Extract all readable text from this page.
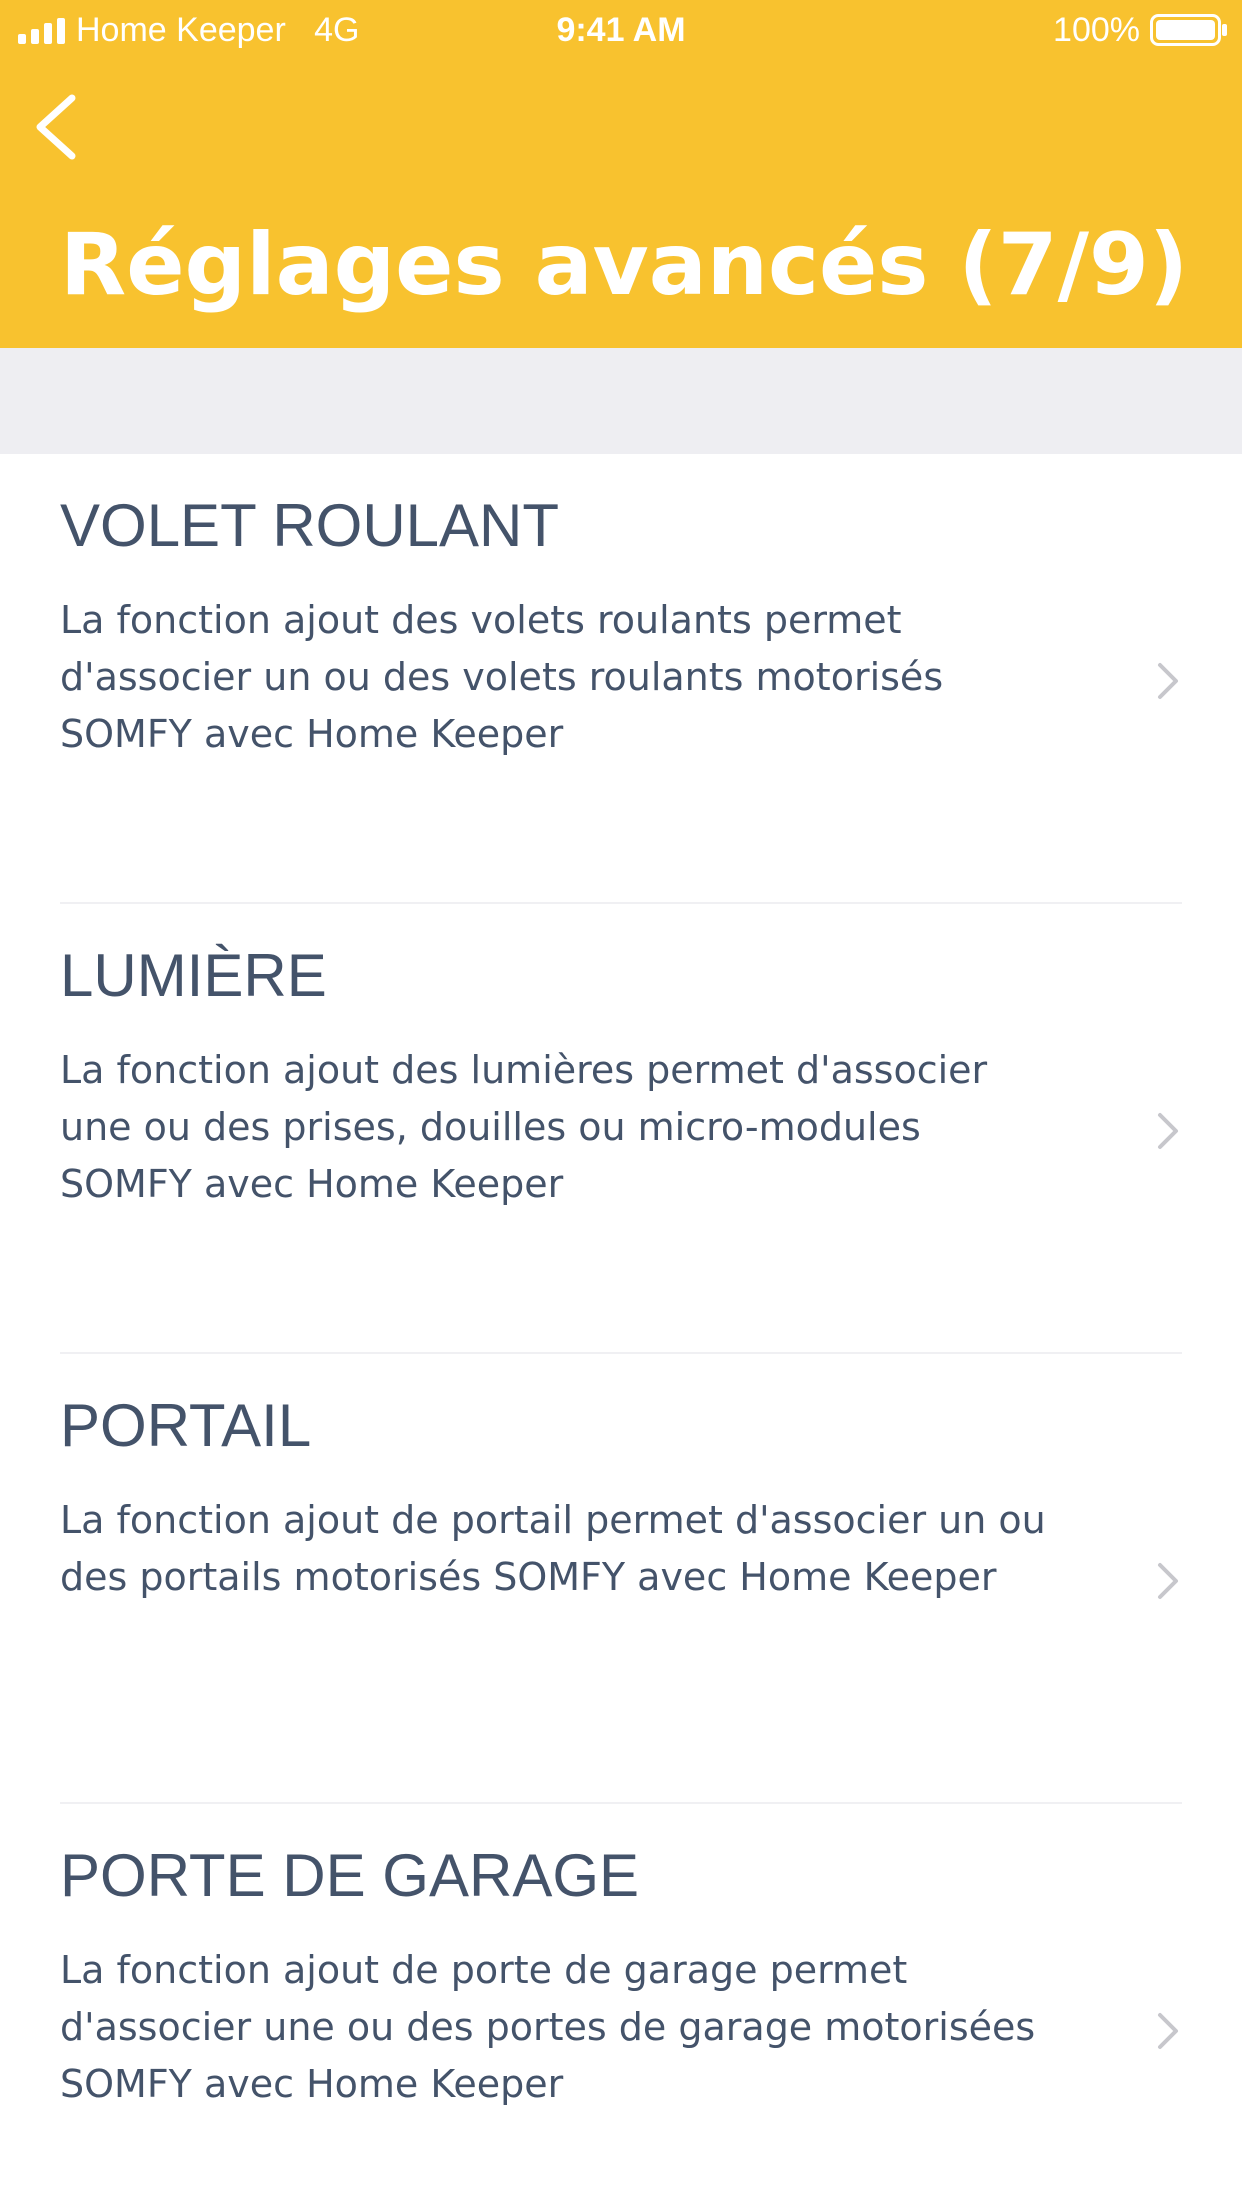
Home Keeper 4G	9:41 AM	100%
Réglages avancés (7/9)
VOLET ROULANT
La fonction ajout des volets roulants permet
d'associer un ou des volets roulants motorisés
SOMFY avec Home Keeper
LUMIÈRE
La fonction ajout des lumières permet d'associer
une ou des prises, douilles ou micro-modules
SOMFY avec Home Keeper
PORTAIL
La fonction ajout de portail permet d'associer un ou
des portails motorisés SOMFY avec Home Keeper
PORTE DE GARAGE
La fonction ajout de porte de garage permet
d'associer une ou des portes de garage motorisées
SOMFY avec Home Keeper
